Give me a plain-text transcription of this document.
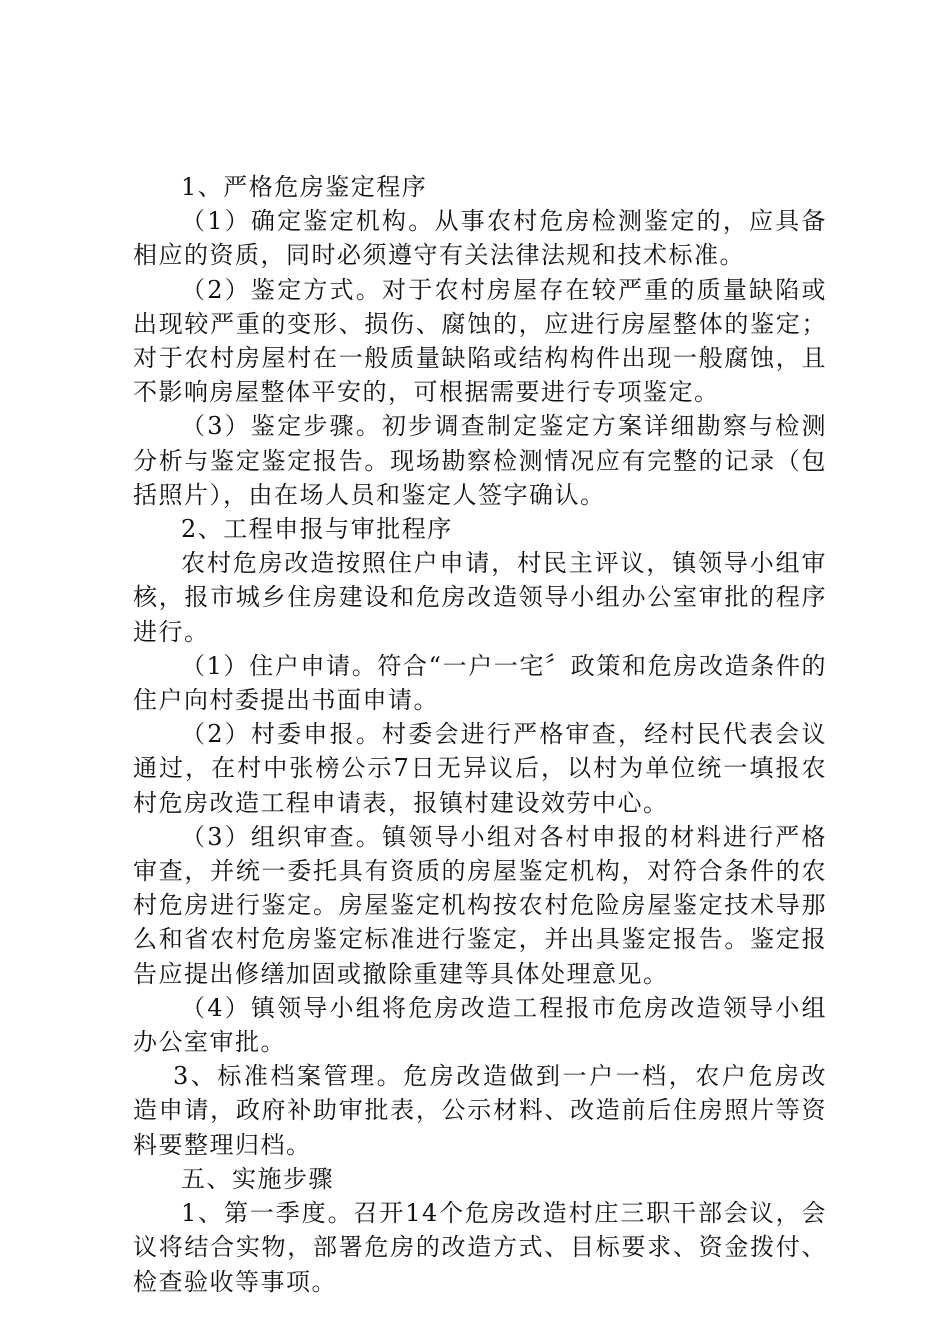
1、严格危房鉴定程序

（1）确定鉴定机构。从事农村危房检测鉴定的，应具备相应的资质，同时必须遵守有关法律法规和技术标准。

（2）鉴定方式。对于农村房屋存在较严重的质量缺陷或出现较严重的变形、损伤、腐蚀的，应进行房屋整体的鉴定；对于农村房屋村在一般质量缺陷或结构构件出现一般腐蚀，且不影响房屋整体平安的，可根据需要进行专项鉴定。

（3）鉴定步骤。初步调查制定鉴定方案详细勘察与检测分析与鉴定鉴定报告。现场勘察检测情况应有完整的记录（包括照片），由在场人员和鉴定人签字确认。

2、工程申报与审批程序

农村危房改造按照住户申请，村民主评议，镇领导小组审核，报市城乡住房建设和危房改造领导小组办公室审批的程序进行。

（1）住户申请。符合“一户一宅〞政策和危房改造条件的住户向村委提出书面申请。

（2）村委申报。村委会进行严格审查，经村民代表会议通过，在村中张榜公示7日无异议后，以村为单位统一填报农村危房改造工程申请表，报镇村建设效劳中心。

（3）组织审查。镇领导小组对各村申报的材料进行严格审查，并统一委托具有资质的房屋鉴定机构，对符合条件的农村危房进行鉴定。房屋鉴定机构按农村危险房屋鉴定技术导那么和省农村危房鉴定标准进行鉴定，并出具鉴定报告。鉴定报告应提出修缮加固或撤除重建等具体处理意见。

（4）镇领导小组将危房改造工程报市危房改造领导小组办公室审批。

3、标准档案管理。危房改造做到一户一档，农户危房改造申请，政府补助审批表，公示材料、改造前后住房照片等资料要整理归档。

五、实施步骤

1、第一季度。召开14个危房改造村庄三职干部会议，会议将结合实物，部署危房的改造方式、目标要求、资金拨付、检查验收等事项。
